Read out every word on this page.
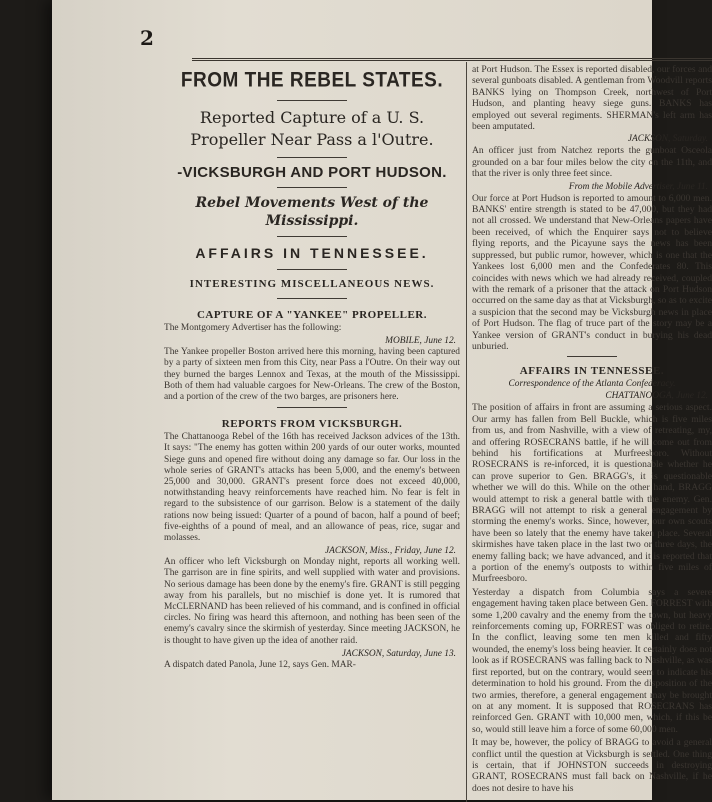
2
FROM THE REBEL STATES.
Reported Capture of a U. S. Propeller Near Pass a l'Outre.
-VICKSBURGH AND PORT HUDSON.
Rebel Movements West of the Mississippi.
AFFAIRS IN TENNESSEE.
INTERESTING MISCELLANEOUS NEWS.
CAPTURE OF A "YANKEE" PROPELLER.

The Montgomery Advertiser has the following:

MOBILE, June 12.

The Yankee propeller Boston arrived here this morning, having been captured by a party of sixteen men from this City, near Pass a l'Outre. On their way out they burned the barges Lennox and Texas, at the mouth of the Mississippi. Both of them had valuable cargoes for New-Orleans. The crew of the Boston, and a portion of the crew of the two barges, are prisoners here.

REPORTS FROM VICKSBURGH.

The Chattanooga Rebel of the 16th has received Jackson advices of the 13th. It says: "The enemy has gotten within 200 yards of our outer works, mounted Siege guns and opened fire without doing any damage so far. Our loss in the whole series of GRANT's attacks has been 5,000, and the enemy's between 25,000 and 30,000. GRANT's present force does not exceed 40,000, notwithstanding heavy reinforcements have reached him. No fear is felt in regard to the subsistence of our garrison. Below is a statement of the daily rations now being issued: Quarter of a pound of bacon, half a pound of beef; five-eighths of a pound of meal, and an allowance of peas, rice, sugar and molasses.

JACKSON, Miss., Friday, June 12.

An officer who left Vicksburgh on Monday night, reports all working well. The garrison are in fine spirits, and well supplied with water and provisions. No serious damage has been done by the enemy's fire. GRANT is still pegging away from his parallels, but no mischief is done yet. It is rumored that McCLERNAND has been relieved of his command, and is confined in official circles. No firing was heard this afternoon, and nothing has been seen of the enemy's cavalry since the skirmish of yesterday. Since meeting JACKSON, he is thought to have given up the idea of another raid.

JACKSON, Saturday, June 13.

A dispatch dated Panola, June 12, says Gen. MAR-

at Port Hudson. The Essex is reported disabled, our forces and several gunboats disabled. A gentleman from Woodvill reports BANKS lying on Thompson Creek, northwest of Port Hudson, and planting heavy siege guns. BANKS has employed out several regiments. SHERMAN's left arm has been amputated.

JACKSON, Saturday.

An officer just from Natchez reports the gunboat Osceola grounded on a bar four miles below the city on the 11th, and that the river is only three feet since.

From the Mobile Advertiser, June 11.

Our force at Port Hudson is reported to amount to 6,000 men. BANKS' entire strength is stated to be 47,000, but they had not all crossed. We understand that New-Orleans papers have been received, of which the Enquirer says not to believe flying reports, and the Picayune says the news has been suppressed, but public rumor, however, which is one that the Yankees lost 6,000 men and the Confederates 80. This coincides with news which we had already received, coupled with the remark of a prisoner that the attack on Port Hudson occurred on the same day as that at Vicksburgh, so as to excite a suspicion that the second may be Vicksburgh news in place of Port Hudson. The flag of truce part of the story may be a Yankee version of GRANT's conduct in burying his dead unburied.

AFFAIRS IN TENNESSEE.
Correspondence of the Atlanta Confederacy.

CHATTANOOGA, June 12.

The position of affairs in front are assuming a serious aspect. Our army has fallen from Bell Buckle, which is five miles from us, and from Nashville, with a view of retreating, my, and offering ROSECRANS battle, if he will come out from behind his fortifications at Murfreesboro. Without ROSECRANS is re-inforced, it is questionable whether he can prove superior to Gen. BRAGG's, it is questionable whether we will do this. While on the other hand, BRAGG would attempt to risk a general battle with the enemy. Gen. BRAGG will not attempt to risk a general engagement by storming the enemy's works. Since, however, our own scouts have been so lately that the enemy have taken place. Several skirmishes have taken place in the last two or three days, the enemy falling back; we have advanced, and it is reported that a portion of the enemy's outposts to within five miles of Murfreesboro.

Yesterday a dispatch from Columbia says a severe engagement having taken place between Gen. FORREST with some 1,200 cavalry and the enemy from the town, but heavy reinforcements coming up, FORREST was obliged to retire. In the conflict, leaving some ten men killed and fifty wounded, the enemy's loss being heavier. It certainly does not look as if ROSECRANS was falling back to Nashville, as was first reported, but on the contrary, would seem to indicate his determination to hold his ground. From the disposition of the two armies, therefore, a general engagement may be brought on at any moment. It is supposed that ROSECRANS has reinforced Gen. GRANT with 10,000 men, which, if this be so, would still leave him a force of some 60,000 men.

It may be, however, the policy of BRAGG to avoid a general conflict until the question at Vicksburgh is settled. One thing is certain, that if JOHNSTON succeeds in destroying GRANT, ROSECRANS must fall back on Nashville, if he does not desire to have his
